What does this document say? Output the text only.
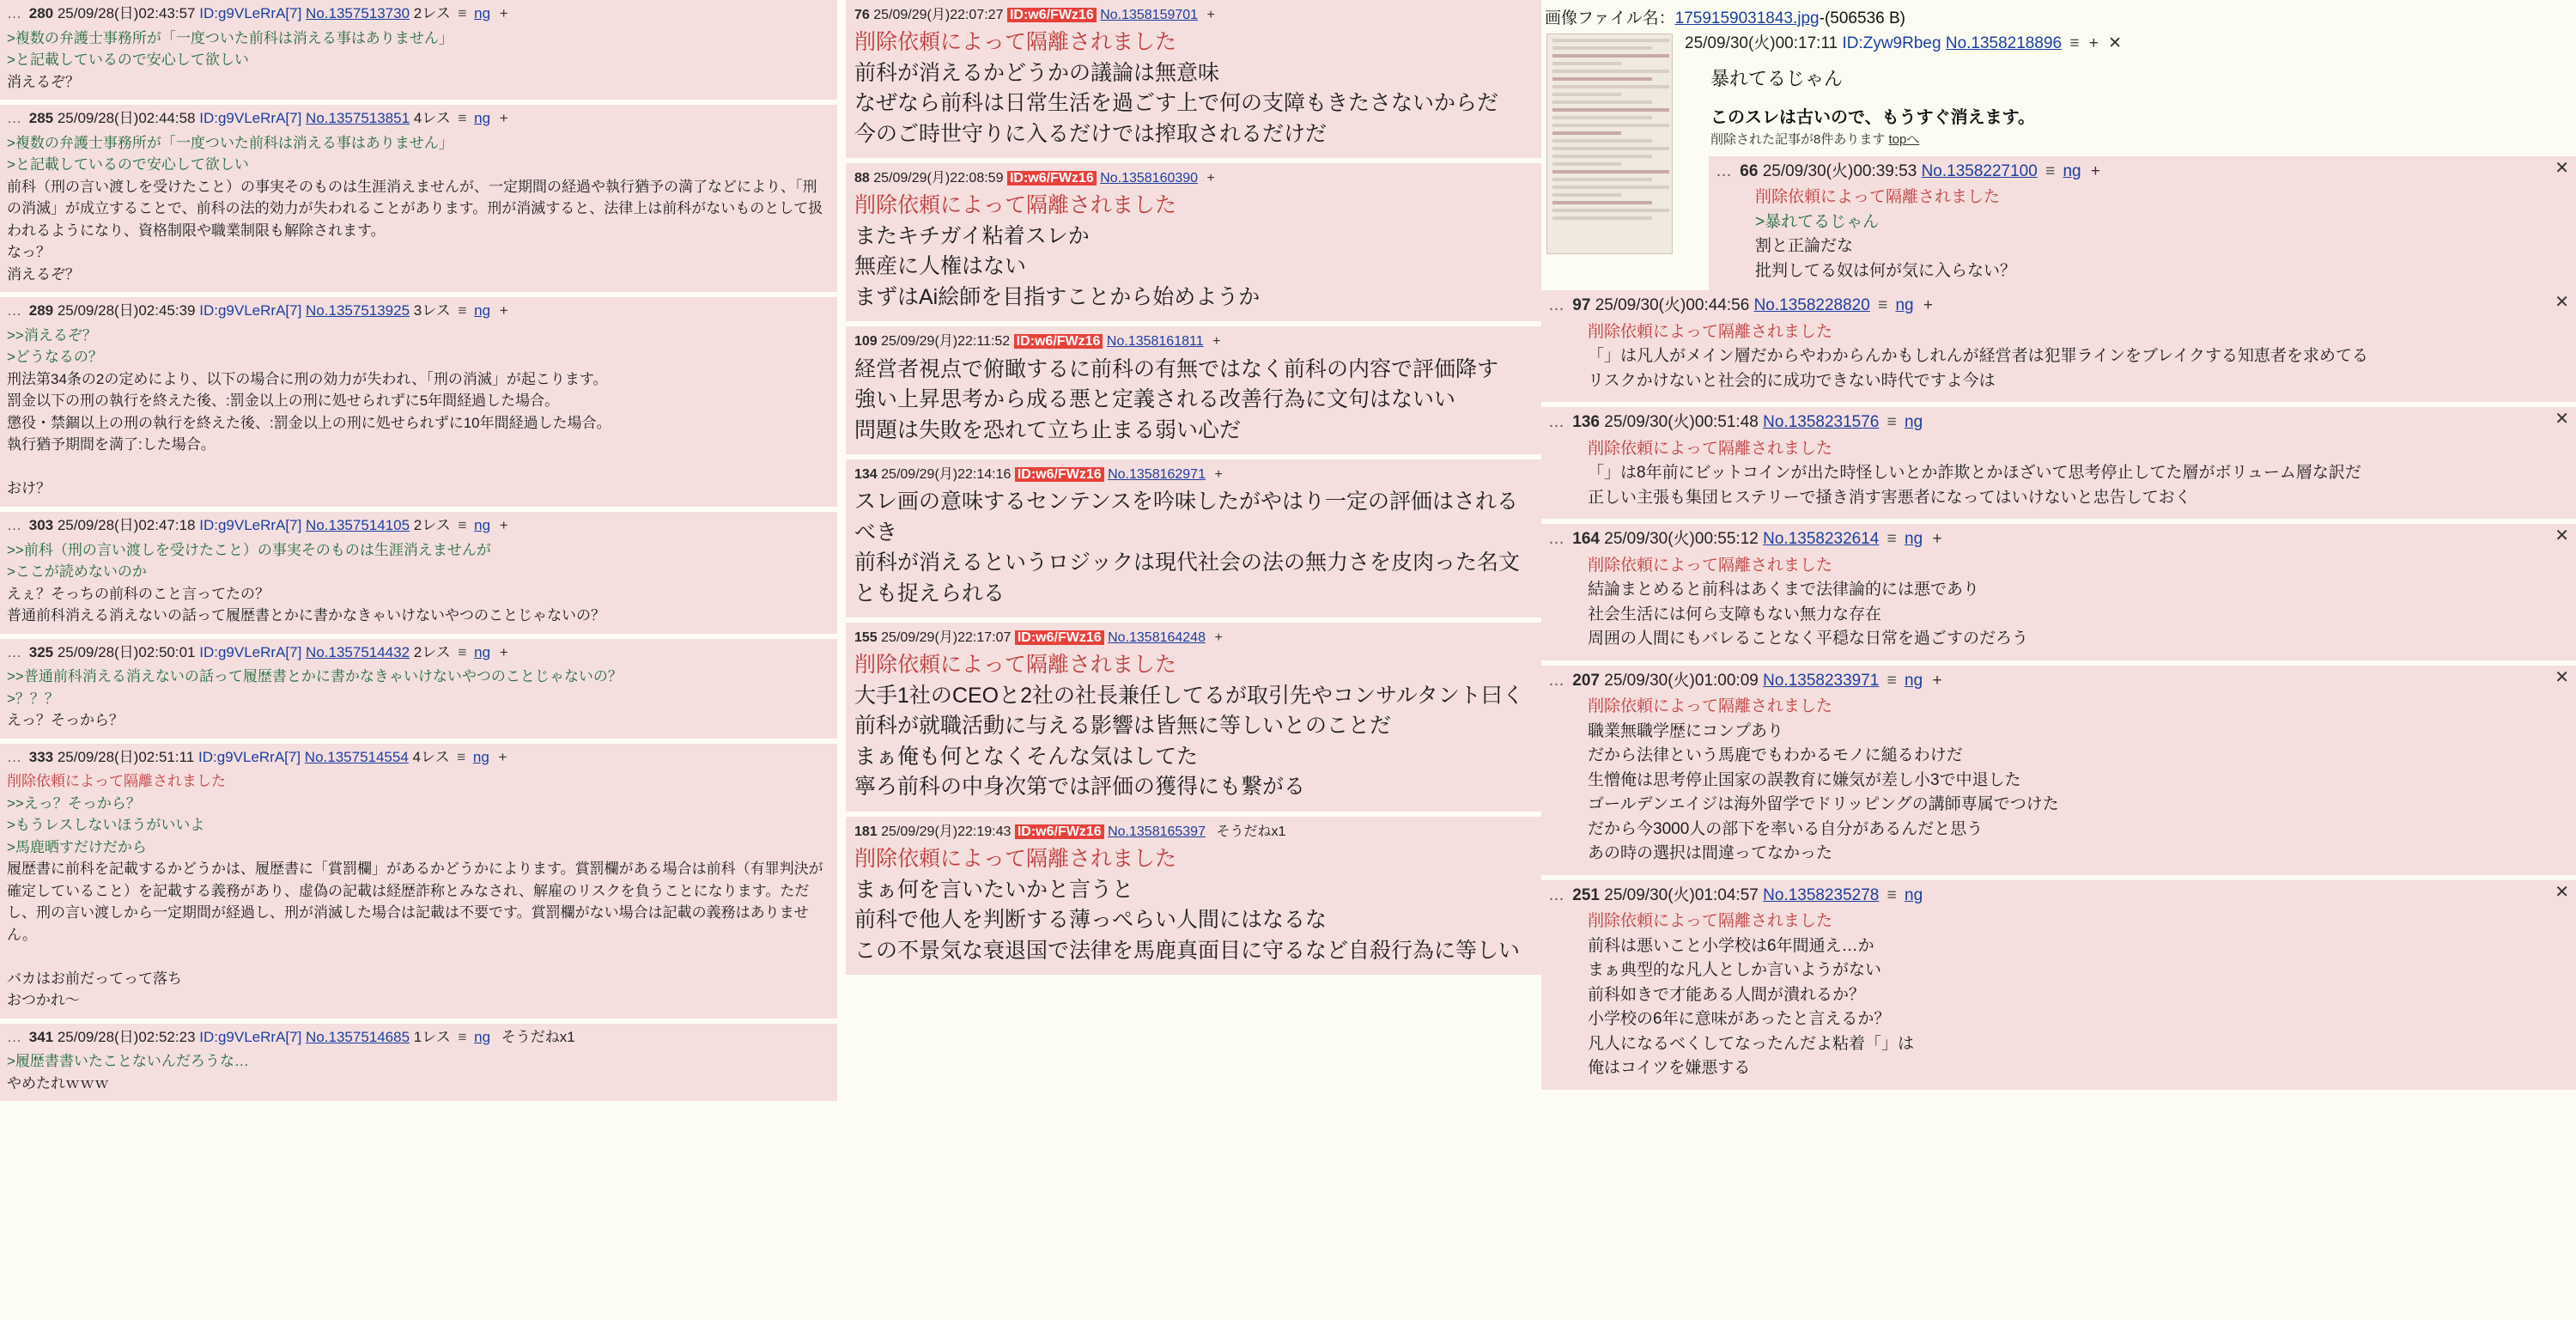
… 280 25/09/28(日)02:43:57 ID:g9VLeRrA[7] No.1357513730 2レス ≡ ng +
>複数の弁護士事務所が「一度ついた前科は消える事はありません」
>と記載しているので安心して欲しい
消えるぞ？
… 285 25/09/28(日)02:44:58 ID:g9VLeRrA[7] No.1357513851 4レス ≡ ng +
>複数の弁護士事務所が「一度ついた前科は消える事はありません」
>と記載しているので安心して欲しい
前科（刑の言い渡しを受けたこと）の事実そのものは生涯消えませんが、一定期間の経過や執行猶予の満了などにより、「刑の消滅」が成立することで、前科の法的効力が失われることがあります。刑が消滅すると、法律上は前科がないものとして扱われるようになり、資格制限や職業制限も解除されます。
なっ？
消えるぞ？
… 289 25/09/28(日)02:45:39 ID:g9VLeRrA[7] No.1357513925 3レス ≡ ng +
>>消えるぞ？
>どうなるの？
刑法第34条の2の定めにより、以下の場合に刑の効力が失われ、「刑の消滅」が起こります。
罰金以下の刑の執行を終えた後、:罰金以上の刑に処せられずに5年間経過した場合。
懲役・禁錮以上の刑の執行を終えた後、:罰金以上の刑に処せられずに10年間経過した場合。
執行猶予期間を満了:した場合。

おけ？
… 303 25/09/28(日)02:47:18 ID:g9VLeRrA[7] No.1357514105 2レス ≡ ng +
>>前科（刑の言い渡しを受けたこと）の事実そのものは生涯消えませんが
>ここが読めないのか
えぇ？そっちの前科のこと言ってたの？
普通前科消える消えないの話って履歴書とかに書かなきゃいけないやつのことじゃないの？
… 325 25/09/28(日)02:50:01 ID:g9VLeRrA[7] No.1357514432 2レス ≡ ng +
>>普通前科消える消えないの話って履歴書とかに書かなきゃいけないやつのことじゃないの？
>？？？
えっ？そっから？
… 333 25/09/28(日)02:51:11 ID:g9VLeRrA[7] No.1357514554 4レス ≡ ng +
削除依頼によって隔離されました
>>えっ？そっから？
>もうレスしないほうがいいよ
>馬鹿晒すだけだから
履歴書に前科を記載するかどうかは、履歴書に「賞罰欄」があるかどうかによります。賞罰欄がある場合は前科（有罪判決が確定していること）を記載する義務があり、虚偽の記載は経歴詐称とみなされ、解雇のリスクを負うことになります。ただし、刑の言い渡しから一定期間が経過し、刑が消滅した場合は記載は不要です。賞罰欄がない場合は記載の義務はありません。

バカはお前だってって落ち
おつかれ〜
… 341 25/09/28(日)02:52:23 ID:g9VLeRrA[7] No.1357514685 1レス ≡ ng そうだねx1
>履歴書書いたことないんだろうな…
やめたれｗｗｗ
76 25/09/29(月)22:07:27 ID:w6/FWz16 No.1358159701 +
削除依頼によって隔離されました
前科が消えるかどうかの議論は無意味
なぜなら前科は日常生活を過ごす上で何の支障もきたさないからだ
今のご時世守りに入るだけでは搾取されるだけだ
88 25/09/29(月)22:08:59 ID:w6/FWz16 No.1358160390 +
削除依頼によって隔離されました
またキチガイ粘着スレか
無産に人権はない
まずはAi絵師を目指すことから始めようか
109 25/09/29(月)22:11:52 ID:w6/FWz16 No.1358161811 +
経営者視点で俯瞰するに前科の有無ではなく前科の内容で評価降す
強い上昇思考から成る悪と定義される改善行為に文句はないい
問題は失敗を恐れて立ち止まる弱い心だ
134 25/09/29(月)22:14:16 ID:w6/FWz16 No.1358162971 +
スレ画の意味するセンテンスを吟味したがやはり一定の評価はされるべき
前科が消えるというロジックは現代社会の法の無力さを皮肉った名文とも捉えられる
155 25/09/29(月)22:17:07 ID:w6/FWz16 No.1358164248 +
削除依頼によって隔離されました
大手1社のCEOと2社の社長兼任してるが取引先やコンサルタント曰く前科が就職活動に与える影響は皆無に等しいとのことだ
まぁ俺も何となくそんな気はしてた
寧ろ前科の中身次第では評価の獲得にも繋がる
181 25/09/29(月)22:19:43 ID:w6/FWz16 No.1358165397 そうだねx1
削除依頼によって隔離されました
まぁ何を言いたいかと言うと
前科で他人を判断する薄っぺらい人間にはなるな
この不景気な衰退国で法律を馬鹿真面目に守るなど自殺行為に等しい
画像ファイル名：1759159031843.jpg-(506536 B)
25/09/30(火)00:17:11 ID:Zyw9Rbeg No.1358218896 ≡ + ✕
暴れてるじゃん
このスレは古いので、もうすぐ消えます。
削除された記事が8件あります topへ
… 66 25/09/30(火)00:39:53 No.1358227100 ≡ ng +	✕
削除依頼によって隔離されました
>暴れてるじゃん
割と正論だな
批判してる奴は何が気に入らない？
… 97 25/09/30(火)00:44:56 No.1358228820 ≡ ng +	✕
削除依頼によって隔離されました
「」は凡人がメイン層だからやわからんかもしれんが経営者は犯罪ラインをブレイクする知恵者を求めてる
リスクかけないと社会的に成功できない時代ですよ今は
… 136 25/09/30(火)00:51:48 No.1358231576 ≡ ng	✕
削除依頼によって隔離されました
「」は8年前にビットコインが出た時怪しいとか詐欺とかほざいて思考停止してた層がボリューム層な訳だ
正しい主張も集団ヒステリーで掻き消す害悪者になってはいけないと忠告しておく
… 164 25/09/30(火)00:55:12 No.1358232614 ≡ ng +	✕
削除依頼によって隔離されました
結論まとめると前科はあくまで法律論的には悪であり
社会生活には何ら支障もない無力な存在
周囲の人間にもバレることなく平穏な日常を過ごすのだろう
… 207 25/09/30(火)01:00:09 No.1358233971 ≡ ng +	✕
削除依頼によって隔離されました
職業無職学歴にコンプあり
だから法律という馬鹿でもわかるモノに縋るわけだ
生憎俺は思考停止国家の誤教育に嫌気が差し小3で中退した
ゴールデンエイジは海外留学でドリッピングの講師専属でつけた
だから今3000人の部下を率いる自分があるんだと思う
あの時の選択は間違ってなかった
… 251 25/09/30(火)01:04:57 No.1358235278 ≡ ng	✕
削除依頼によって隔離されました
前科は悪いこと小学校は6年間通え…か
まぁ典型的な凡人としか言いようがない
前科如きで才能ある人間が潰れるか？
小学校の6年に意味があったと言えるか？
凡人になるべくしてなったんだよ粘着「」は
俺はコイツを嫌悪する
